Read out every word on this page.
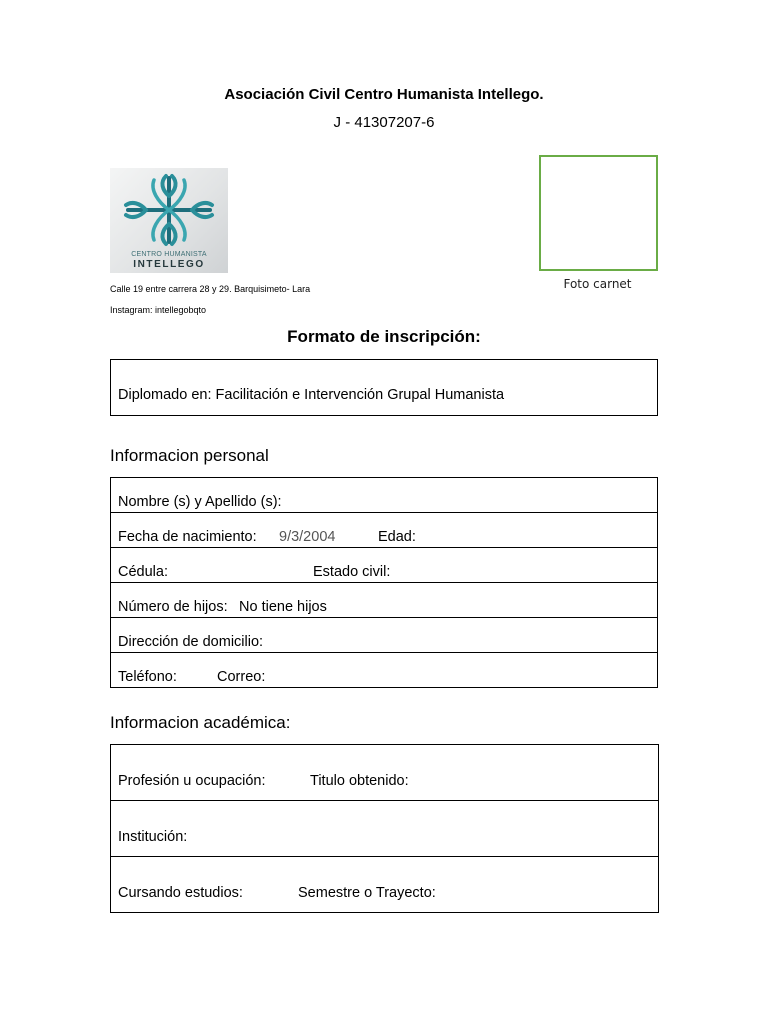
Asociación Civil Centro Humanista Intellego.
J - 41307207-6
CENTRO HUMANISTA
INTELLEGO
Foto carnet
Calle 19 entre carrera 28 y 29. Barquisimeto- Lara
Instagram: intellegobqto
Formato de inscripción:
Diplomado en: Facilitación e Intervención Grupal Humanista
Informacion personal
Nombre (s) y Apellido (s):
Fecha de nacimiento: 9/3/2004	Edad:
Cédula:	Estado civil:
Número de hijos: No tiene hijos
Dirección de domicilio:
Teléfono:	Correo:
Informacion académica:
Profesión u ocupación:	Titulo obtenido:
Institución:
Cursando estudios:	Semestre o Trayecto:
